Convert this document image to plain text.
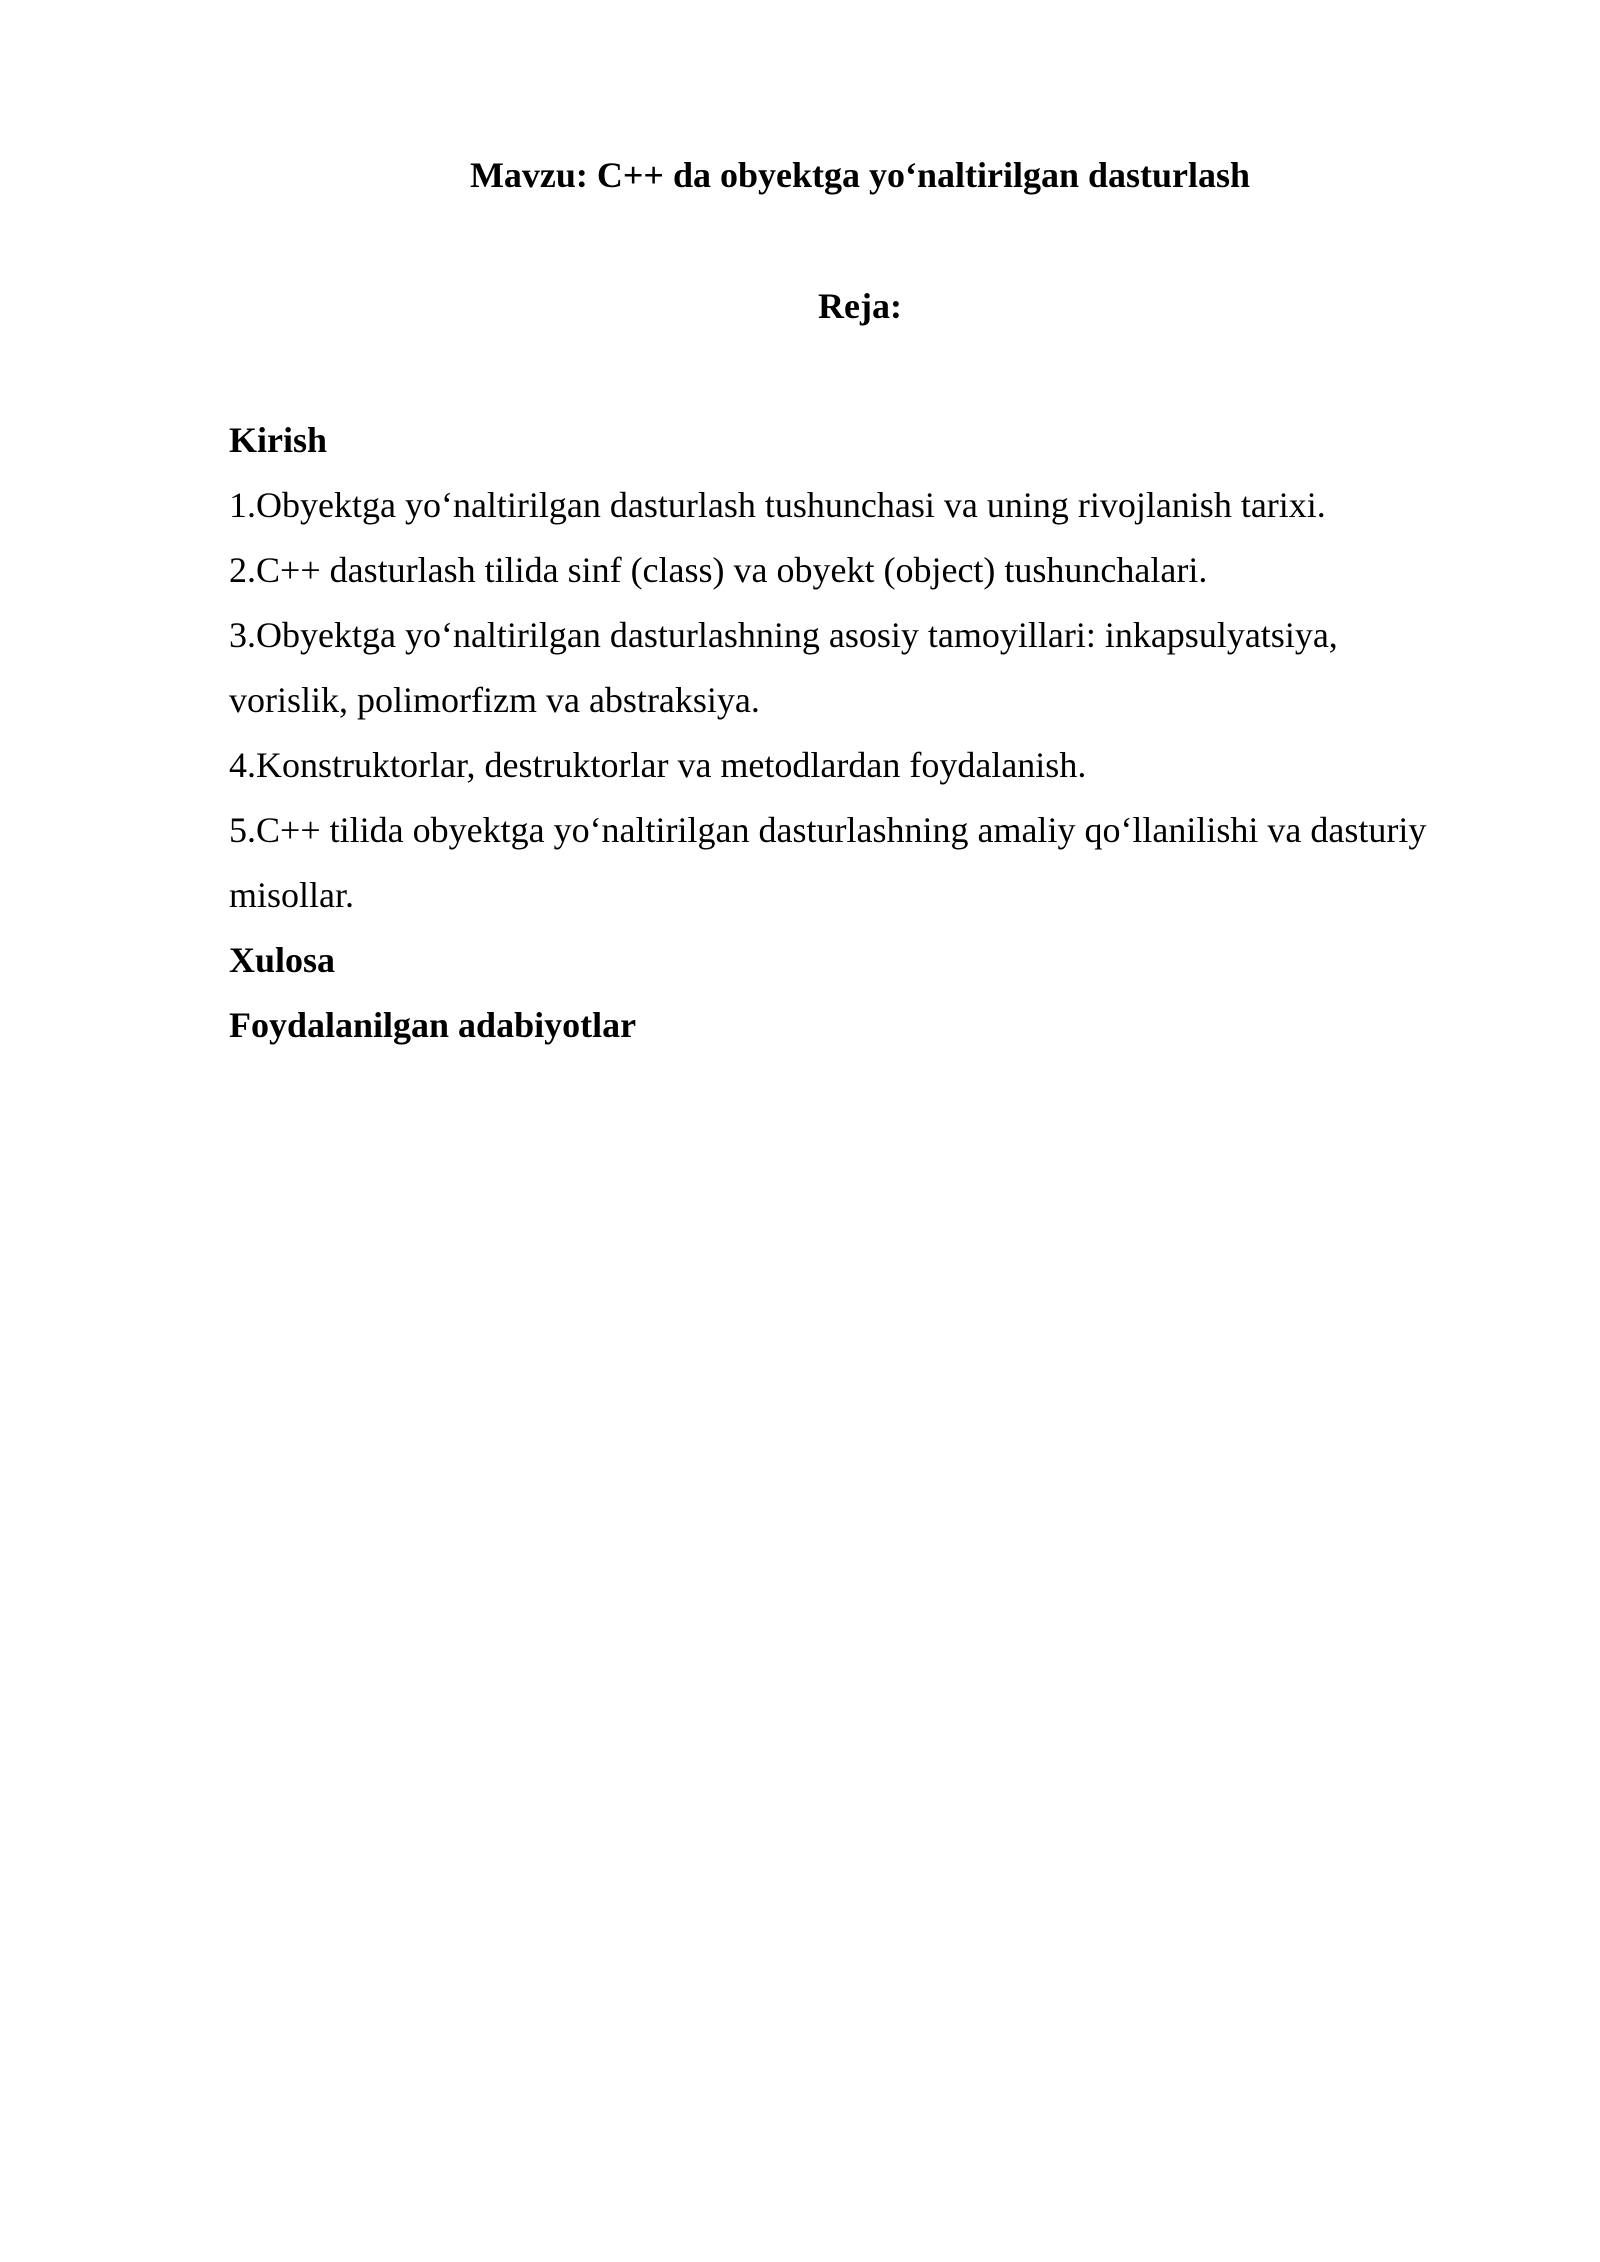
Mavzu: C++ da obyektga yo‘naltirilgan dasturlash
Reja:
Kirish
1.Obyektga yo‘naltirilgan dasturlash tushunchasi va uning rivojlanish tarixi.
2.C++ dasturlash tilida sinf (class) va obyekt (object) tushunchalari.
3.Obyektga yo‘naltirilgan dasturlashning asosiy tamoyillari: inkapsulyatsiya,
vorislik, polimorfizm va abstraksiya.
4.Konstruktorlar, destruktorlar va metodlardan foydalanish.
5.C++ tilida obyektga yo‘naltirilgan dasturlashning amaliy qo‘llanilishi va dasturiy
misollar.
Xulosa
Foydalanilgan adabiyotlar
